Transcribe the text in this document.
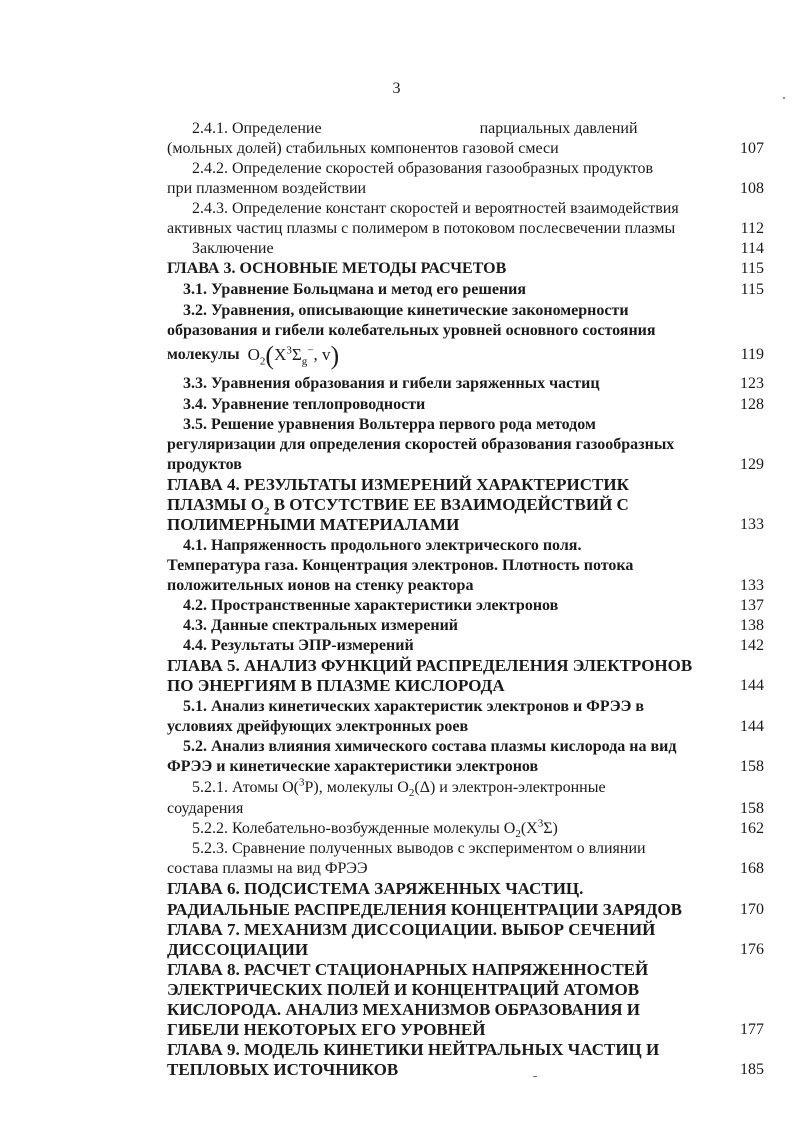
3
2.4.1. Определение	парциальных давлений
(мольных долей) стабильных компонентов газовой смеси	107
2.4.2. Определение скоростей образования газообразных продуктов
при плазменном воздействии	108
2.4.3. Определение констант скоростей и вероятностей взаимодействия
активных частиц плазмы с полимером в потоковом послесвечении плазмы	112
Заключение	114
ГЛАВА 3. ОСНОВНЫЕ МЕТОДЫ РАСЧЕТОВ	115
3.1. Уравнение Больцмана и метод его решения	115
3.2. Уравнения, описывающие кинетические закономерности
образования и гибели колебательных уровней основного состояния
молекулы $O_2(X^3\Sigma_g^-$, v)	119
3.3. Уравнения образования и гибели заряженных частиц	123
3.4. Уравнение теплопроводности	128
3.5. Решение уравнения Вольтерра первого рода методом
регуляризации для определения скоростей образования газообразных
продуктов	129
ГЛАВА 4. РЕЗУЛЬТАТЫ ИЗМЕРЕНИЙ ХАРАКТЕРИСТИК
ПЛАЗМЫ $O_2$ В ОТСУТСТВИЕ ЕЕ ВЗАИМОДЕЙСТВИЙ С
ПОЛИМЕРНЫМИ МАТЕРИАЛАМИ	133
4.1. Напряженность продольного электрического поля.
Температура газа. Концентрация электронов. Плотность потока
положительных ионов на стенку реактора	133
4.2. Пространственные характеристики электронов	137
4.3. Данные спектральных измерений	138
4.4. Результаты ЭПР-измерений	142
ГЛАВА 5. АНАЛИЗ ФУНКЦИЙ РАСПРЕДЕЛЕНИЯ ЭЛЕКТРОНОВ
ПО ЭНЕРГИЯМ В ПЛАЗМЕ КИСЛОРОДА	144
5.1. Анализ кинетических характеристик электронов и ФРЭЭ в
условиях дрейфующих электронных роев	144
5.2. Анализ влияния химического состава плазмы кислорода на вид
ФРЭЭ и кинетические характеристики электронов	158
5.2.1. Атомы O($^3$P), молекулы $O_2(\Delta)$ и электрон-электронные
соударения	158
5.2.2. Колебательно-возбужденные молекулы $O_2(X^3\Sigma)$	162
5.2.3. Сравнение полученных выводов с экспериментом о влиянии
состава плазмы на вид ФРЭЭ	168
ГЛАВА 6. ПОДСИСТЕМА ЗАРЯЖЕННЫХ ЧАСТИЦ.
РАДИАЛЬНЫЕ РАСПРЕДЕЛЕНИЯ КОНЦЕНТРАЦИИ ЗАРЯДОВ	170
ГЛАВА 7. МЕХАНИЗМ ДИССОЦИАЦИИ. ВЫБОР СЕЧЕНИЙ
ДИССОЦИАЦИИ	176
ГЛАВА 8. РАСЧЕТ СТАЦИОНАРНЫХ НАПРЯЖЕННОСТЕЙ
ЭЛЕКТРИЧЕСКИХ ПОЛЕЙ И КОНЦЕНТРАЦИЙ АТОМОВ
КИСЛОРОДА. АНАЛИЗ МЕХАНИЗМОВ ОБРАЗОВАНИЯ И
ГИБЕЛИ НЕКОТОРЫХ ЕГО УРОВНЕЙ	177
ГЛАВА 9. МОДЕЛЬ КИНЕТИКИ НЕЙТРАЛЬНЫХ ЧАСТИЦ И
ТЕПЛОВЫХ ИСТОЧНИКОВ	185
